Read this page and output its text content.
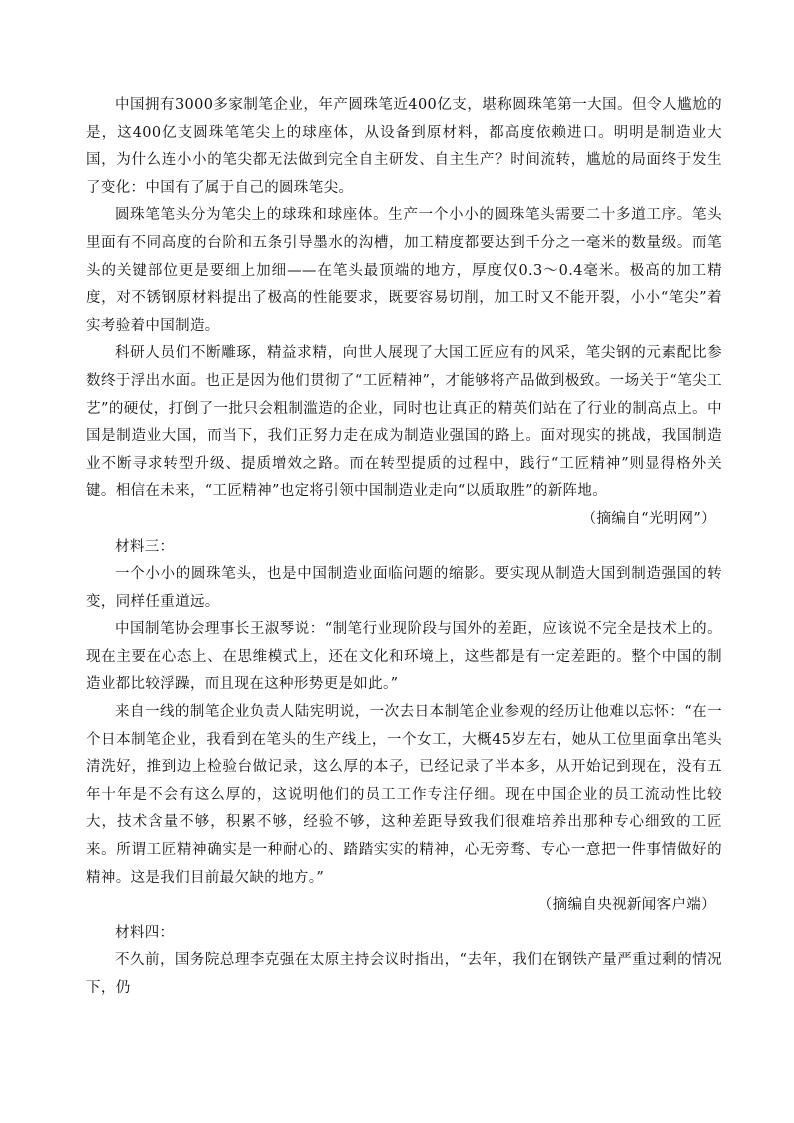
中国拥有3000多家制笔企业，年产圆珠笔近400亿支，堪称圆珠笔第一大国。但令人尴尬的是，这400亿支圆珠笔笔尖上的球座体，从设备到原材料，都高度依赖进口。明明是制造业大国，为什么连小小的笔尖都无法做到完全自主研发、自主生产？时间流转，尴尬的局面终于发生了变化：中国有了属于自己的圆珠笔尖。

圆珠笔笔头分为笔尖上的球珠和球座体。生产一个小小的圆珠笔头需要二十多道工序。笔头里面有不同高度的台阶和五条引导墨水的沟槽，加工精度都要达到千分之一毫米的数量级。而笔头的关键部位更是要细上加细——在笔头最顶端的地方，厚度仅0.3～0.4毫米。极高的加工精度，对不锈钢原材料提出了极高的性能要求，既要容易切削，加工时又不能开裂，小小“笔尖”着实考验着中国制造。

科研人员们不断雕琢，精益求精，向世人展现了大国工匠应有的风采，笔尖钢的元素配比参数终于浮出水面。也正是因为他们贯彻了“工匠精神”，才能够将产品做到极致。一场关于“笔尖工艺”的硬仗，打倒了一批只会粗制滥造的企业，同时也让真正的精英们站在了行业的制高点上。中国是制造业大国，而当下，我们正努力走在成为制造业强国的路上。面对现实的挑战，我国制造业不断寻求转型升级、提质增效之路。而在转型提质的过程中，践行“工匠精神”则显得格外关键。相信在未来，“工匠精神”也定将引领中国制造业走向“以质取胜”的新阵地。

（摘编自“光明网”）

材料三：

一个小小的圆珠笔头，也是中国制造业面临问题的缩影。要实现从制造大国到制造强国的转变，同样任重道远。

中国制笔协会理事长王淑琴说：“制笔行业现阶段与国外的差距，应该说不完全是技术上的。现在主要在心态上、在思维模式上，还在文化和环境上，这些都是有一定差距的。整个中国的制造业都比较浮躁，而且现在这种形势更是如此。”

来自一线的制笔企业负责人陆宪明说，一次去日本制笔企业参观的经历让他难以忘怀：“在一个日本制笔企业，我看到在笔头的生产线上，一个女工，大概45岁左右，她从工位里面拿出笔头清洗好，推到边上检验台做记录，这么厚的本子，已经记录了半本多，从开始记到现在，没有五年十年是不会有这么厚的，这说明他们的员工工作专注仔细。现在中国企业的员工流动性比较大，技术含量不够，积累不够，经验不够，这种差距导致我们很难培养出那种专心细致的工匠来。所谓工匠精神确实是一种耐心的、踏踏实实的精神，心无旁骛、专心一意把一件事情做好的精神。这是我们目前最欠缺的地方。”

（摘编自央视新闻客户端）

材料四：

不久前，国务院总理李克强在太原主持会议时指出，“去年，我们在钢铁产量严重过剩的情况下，仍
